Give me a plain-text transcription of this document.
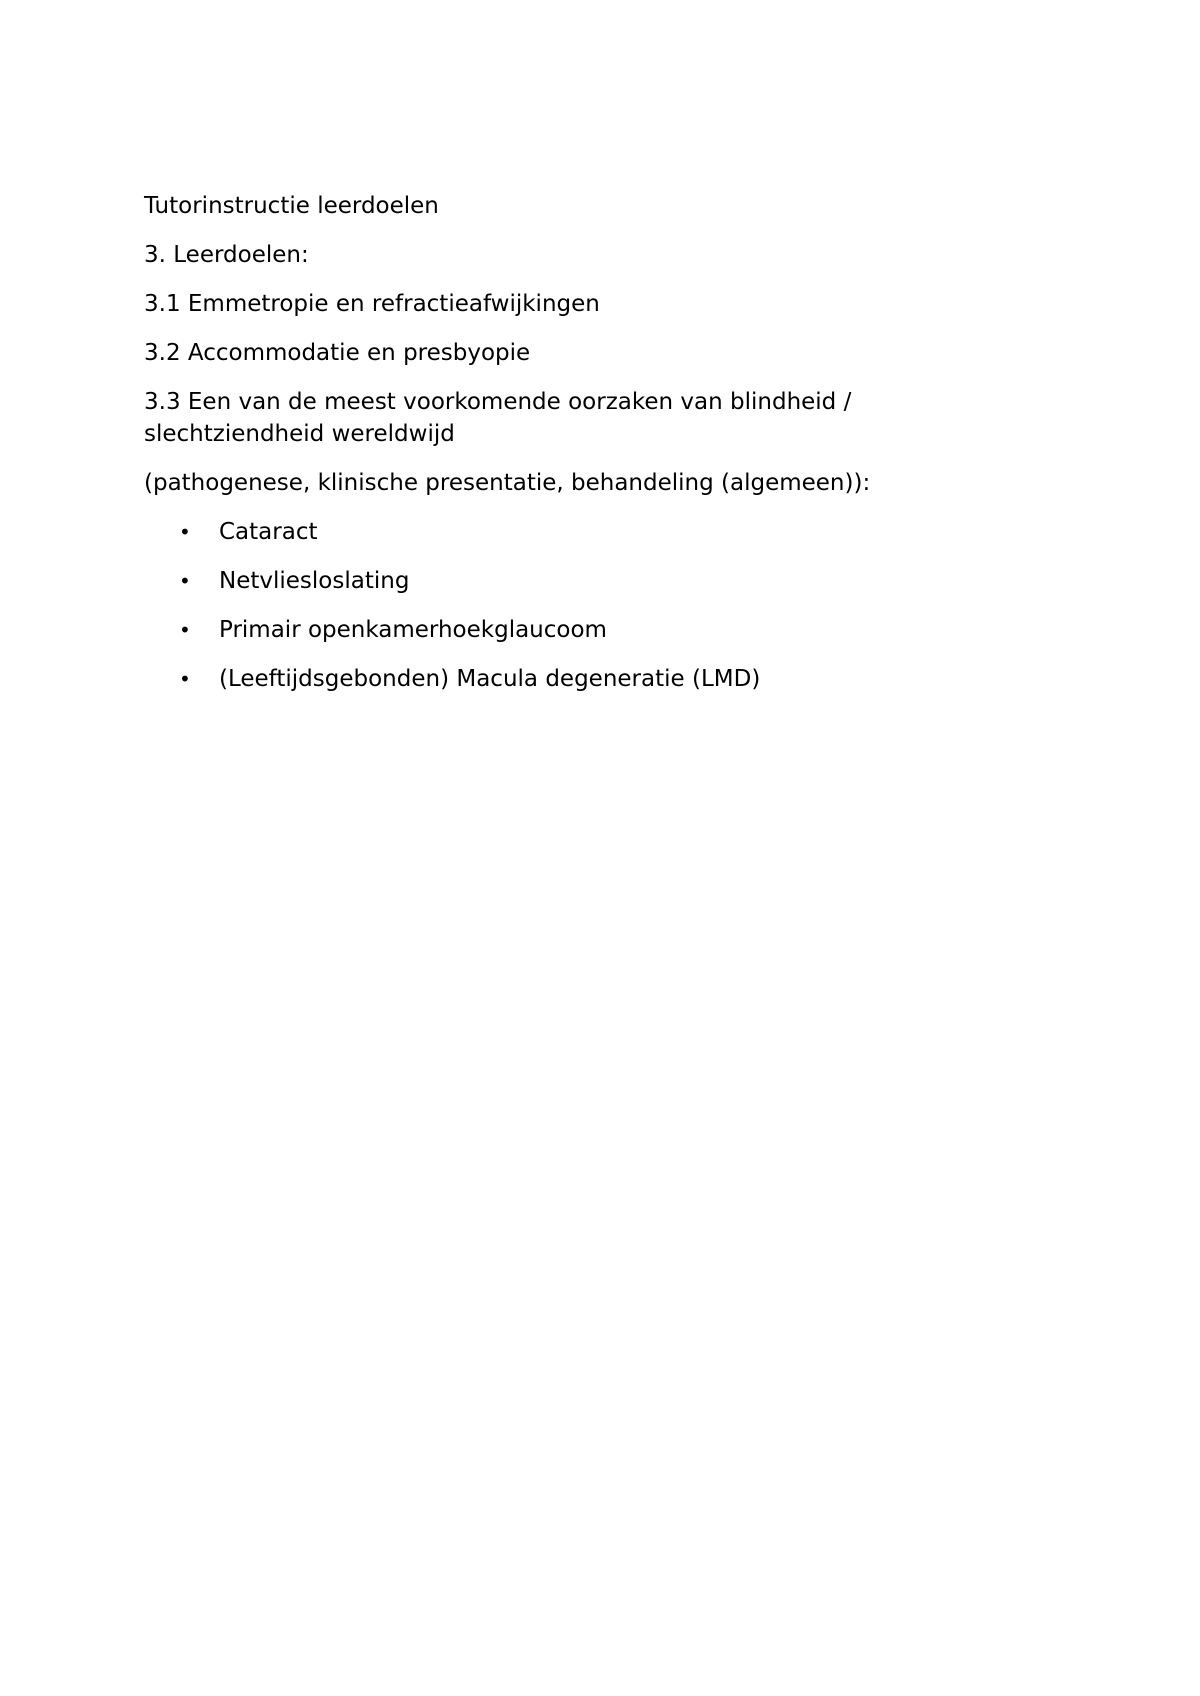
Tutorinstructie leerdoelen

3. Leerdoelen:

3.1 Emmetropie en refractieafwijkingen

3.2 Accommodatie en presbyopie

3.3 Een van de meest voorkomende oorzaken van blindheid /
slechtziendheid wereldwijd

(pathogenese, klinische presentatie, behandeling (algemeen)):

• Cataract
• Netvliesloslating
• Primair openkamerhoekglaucoom
• (Leeftijdsgebonden) Macula degeneratie (LMD)
